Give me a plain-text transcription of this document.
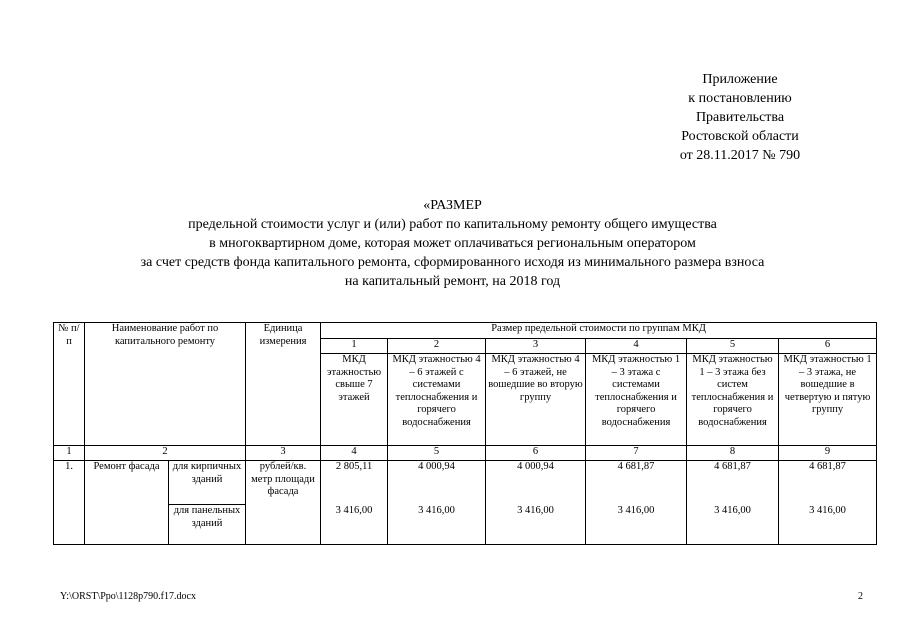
Приложение
к постановлению
Правительства
Ростовской области
от 28.11.2017 № 790
«РАЗМЕР
предельной стоимости услуг и (или) работ по капитальному ремонту общего имущества
в многоквартирном доме, которая может оплачиваться региональным оператором
за счет средств фонда капитального ремонта, сформированного исходя из минимального размера взноса
на капитальный ремонт, на 2018 год
№ п/п	Наименование работ по капитального ремонту		Единица измерения	Размер предельной стоимости по группам МКД					
				1	2	3	4	5	6
				МКД этажностью свыше 7 этажей	МКД этажностью 4 – 6 этажей с системами теплоснабжения и горячего водоснабжения	МКД этажностью 4 – 6 этажей, не вошедшие во вторую группу	МКД этажностью 1 – 3 этажа с системами теплоснабжения и горячего водоснабжения	МКД этажностью 1 – 3 этажа без систем теплоснабжения и горячего водоснабжения	МКД этажностью 1 – 3 этажа, не вошедшие в четвертую и пятую группу
1	2		3	4	5	6	7	8	9
1.	Ремонт фасада	для кирпичных зданий	рублей/кв. метр площади фасада	2 805,11	4 000,94	4 000,94	4 681,87	4 681,87	4 681,87
		для панельных зданий		3 416,00	3 416,00	3 416,00	3 416,00	3 416,00	3 416,00
Y:\ORST\Ppo\1128p790.f17.docx	2
